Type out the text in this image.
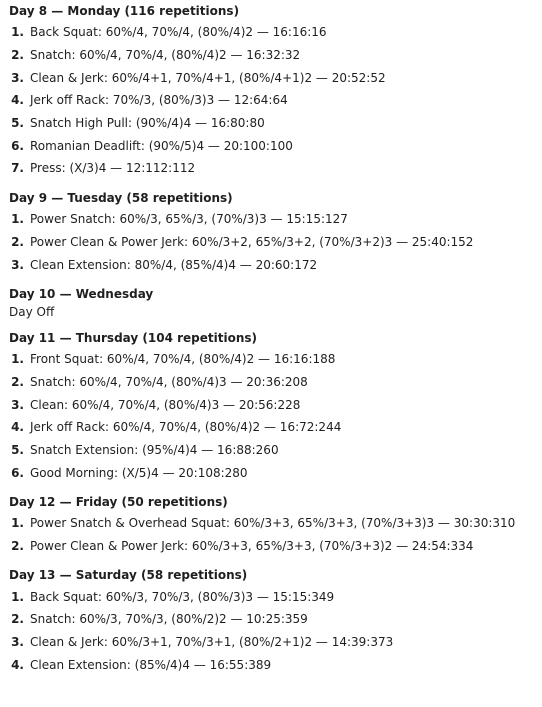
Day 8 — Monday (116 repetitions)
1. Back Squat: 60%/4, 70%/4, (80%/4)2 — 16:16:16
2. Snatch: 60%/4, 70%/4, (80%/4)2 — 16:32:32
3. Clean & Jerk: 60%/4+1, 70%/4+1, (80%/4+1)2 — 20:52:52
4. Jerk off Rack: 70%/3, (80%/3)3 — 12:64:64
5. Snatch High Pull: (90%/4)4 — 16:80:80
6. Romanian Deadlift: (90%/5)4 — 20:100:100
7. Press: (X/3)4 — 12:112:112
Day 9 — Tuesday (58 repetitions)
1. Power Snatch: 60%/3, 65%/3, (70%/3)3 — 15:15:127
2. Power Clean & Power Jerk: 60%/3+2, 65%/3+2, (70%/3+2)3 — 25:40:152
3. Clean Extension: 80%/4, (85%/4)4 — 20:60:172
Day 10 — Wednesday
Day Off
Day 11 — Thursday (104 repetitions)
1. Front Squat: 60%/4, 70%/4, (80%/4)2 — 16:16:188
2. Snatch: 60%/4, 70%/4, (80%/4)3 — 20:36:208
3. Clean: 60%/4, 70%/4, (80%/4)3 — 20:56:228
4. Jerk off Rack: 60%/4, 70%/4, (80%/4)2 — 16:72:244
5. Snatch Extension: (95%/4)4 — 16:88:260
6. Good Morning: (X/5)4 — 20:108:280
Day 12 — Friday (50 repetitions)
1. Power Snatch & Overhead Squat: 60%/3+3, 65%/3+3, (70%/3+3)3 — 30:30:310
2. Power Clean & Power Jerk: 60%/3+3, 65%/3+3, (70%/3+3)2 — 24:54:334
Day 13 — Saturday (58 repetitions)
1. Back Squat: 60%/3, 70%/3, (80%/3)3 — 15:15:349
2. Snatch: 60%/3, 70%/3, (80%/2)2 — 10:25:359
3. Clean & Jerk: 60%/3+1, 70%/3+1, (80%/2+1)2 — 14:39:373
4. Clean Extension: (85%/4)4 — 16:55:389
